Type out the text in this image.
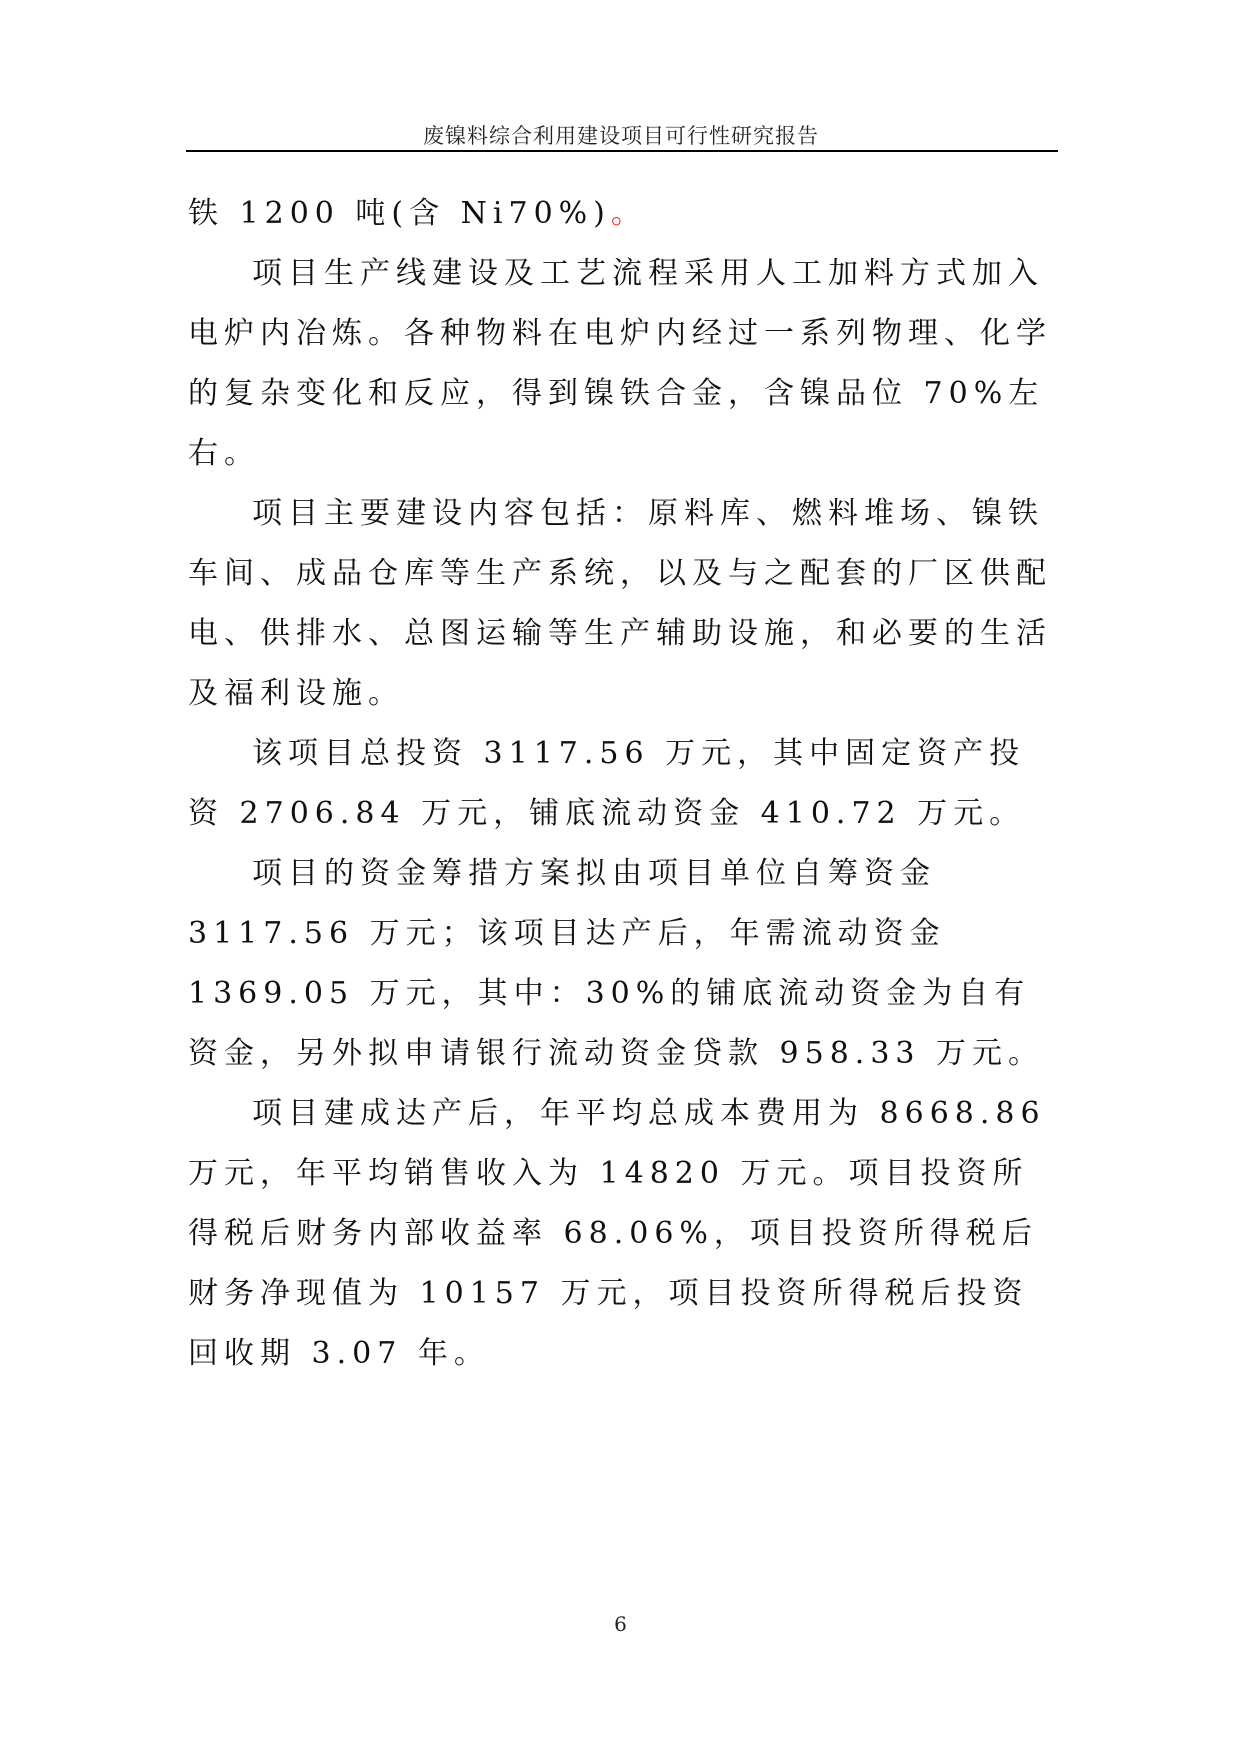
废镍料综合利用建设项目可行性研究报告

铁 1200 吨(含 Ni70%)。

项目生产线建设及工艺流程采用人工加料方式加入电炉内冶炼。各种物料在电炉内经过一系列物理、化学的复杂变化和反应，得到镍铁合金，含镍品位 70%左右。

项目主要建设内容包括：原料库、燃料堆场、镍铁车间、成品仓库等生产系统，以及与之配套的厂区供配电、供排水、总图运输等生产辅助设施，和必要的生活及福利设施。

该项目总投资 3117.56 万元，其中固定资产投资 2706.84 万元，铺底流动资金 410.72 万元。

项目的资金筹措方案拟由项目单位自筹资金 3117.56 万元；该项目达产后，年需流动资金 1369.05 万元，其中：30%的铺底流动资金为自有资金，另外拟申请银行流动资金贷款 958.33 万元。

项目建成达产后，年平均总成本费用为 8668.86 万元，年平均销售收入为 14820 万元。项目投资所得税后财务内部收益率 68.06%，项目投资所得税后财务净现值为 10157 万元，项目投资所得税后投资回收期 3.07 年。

6
